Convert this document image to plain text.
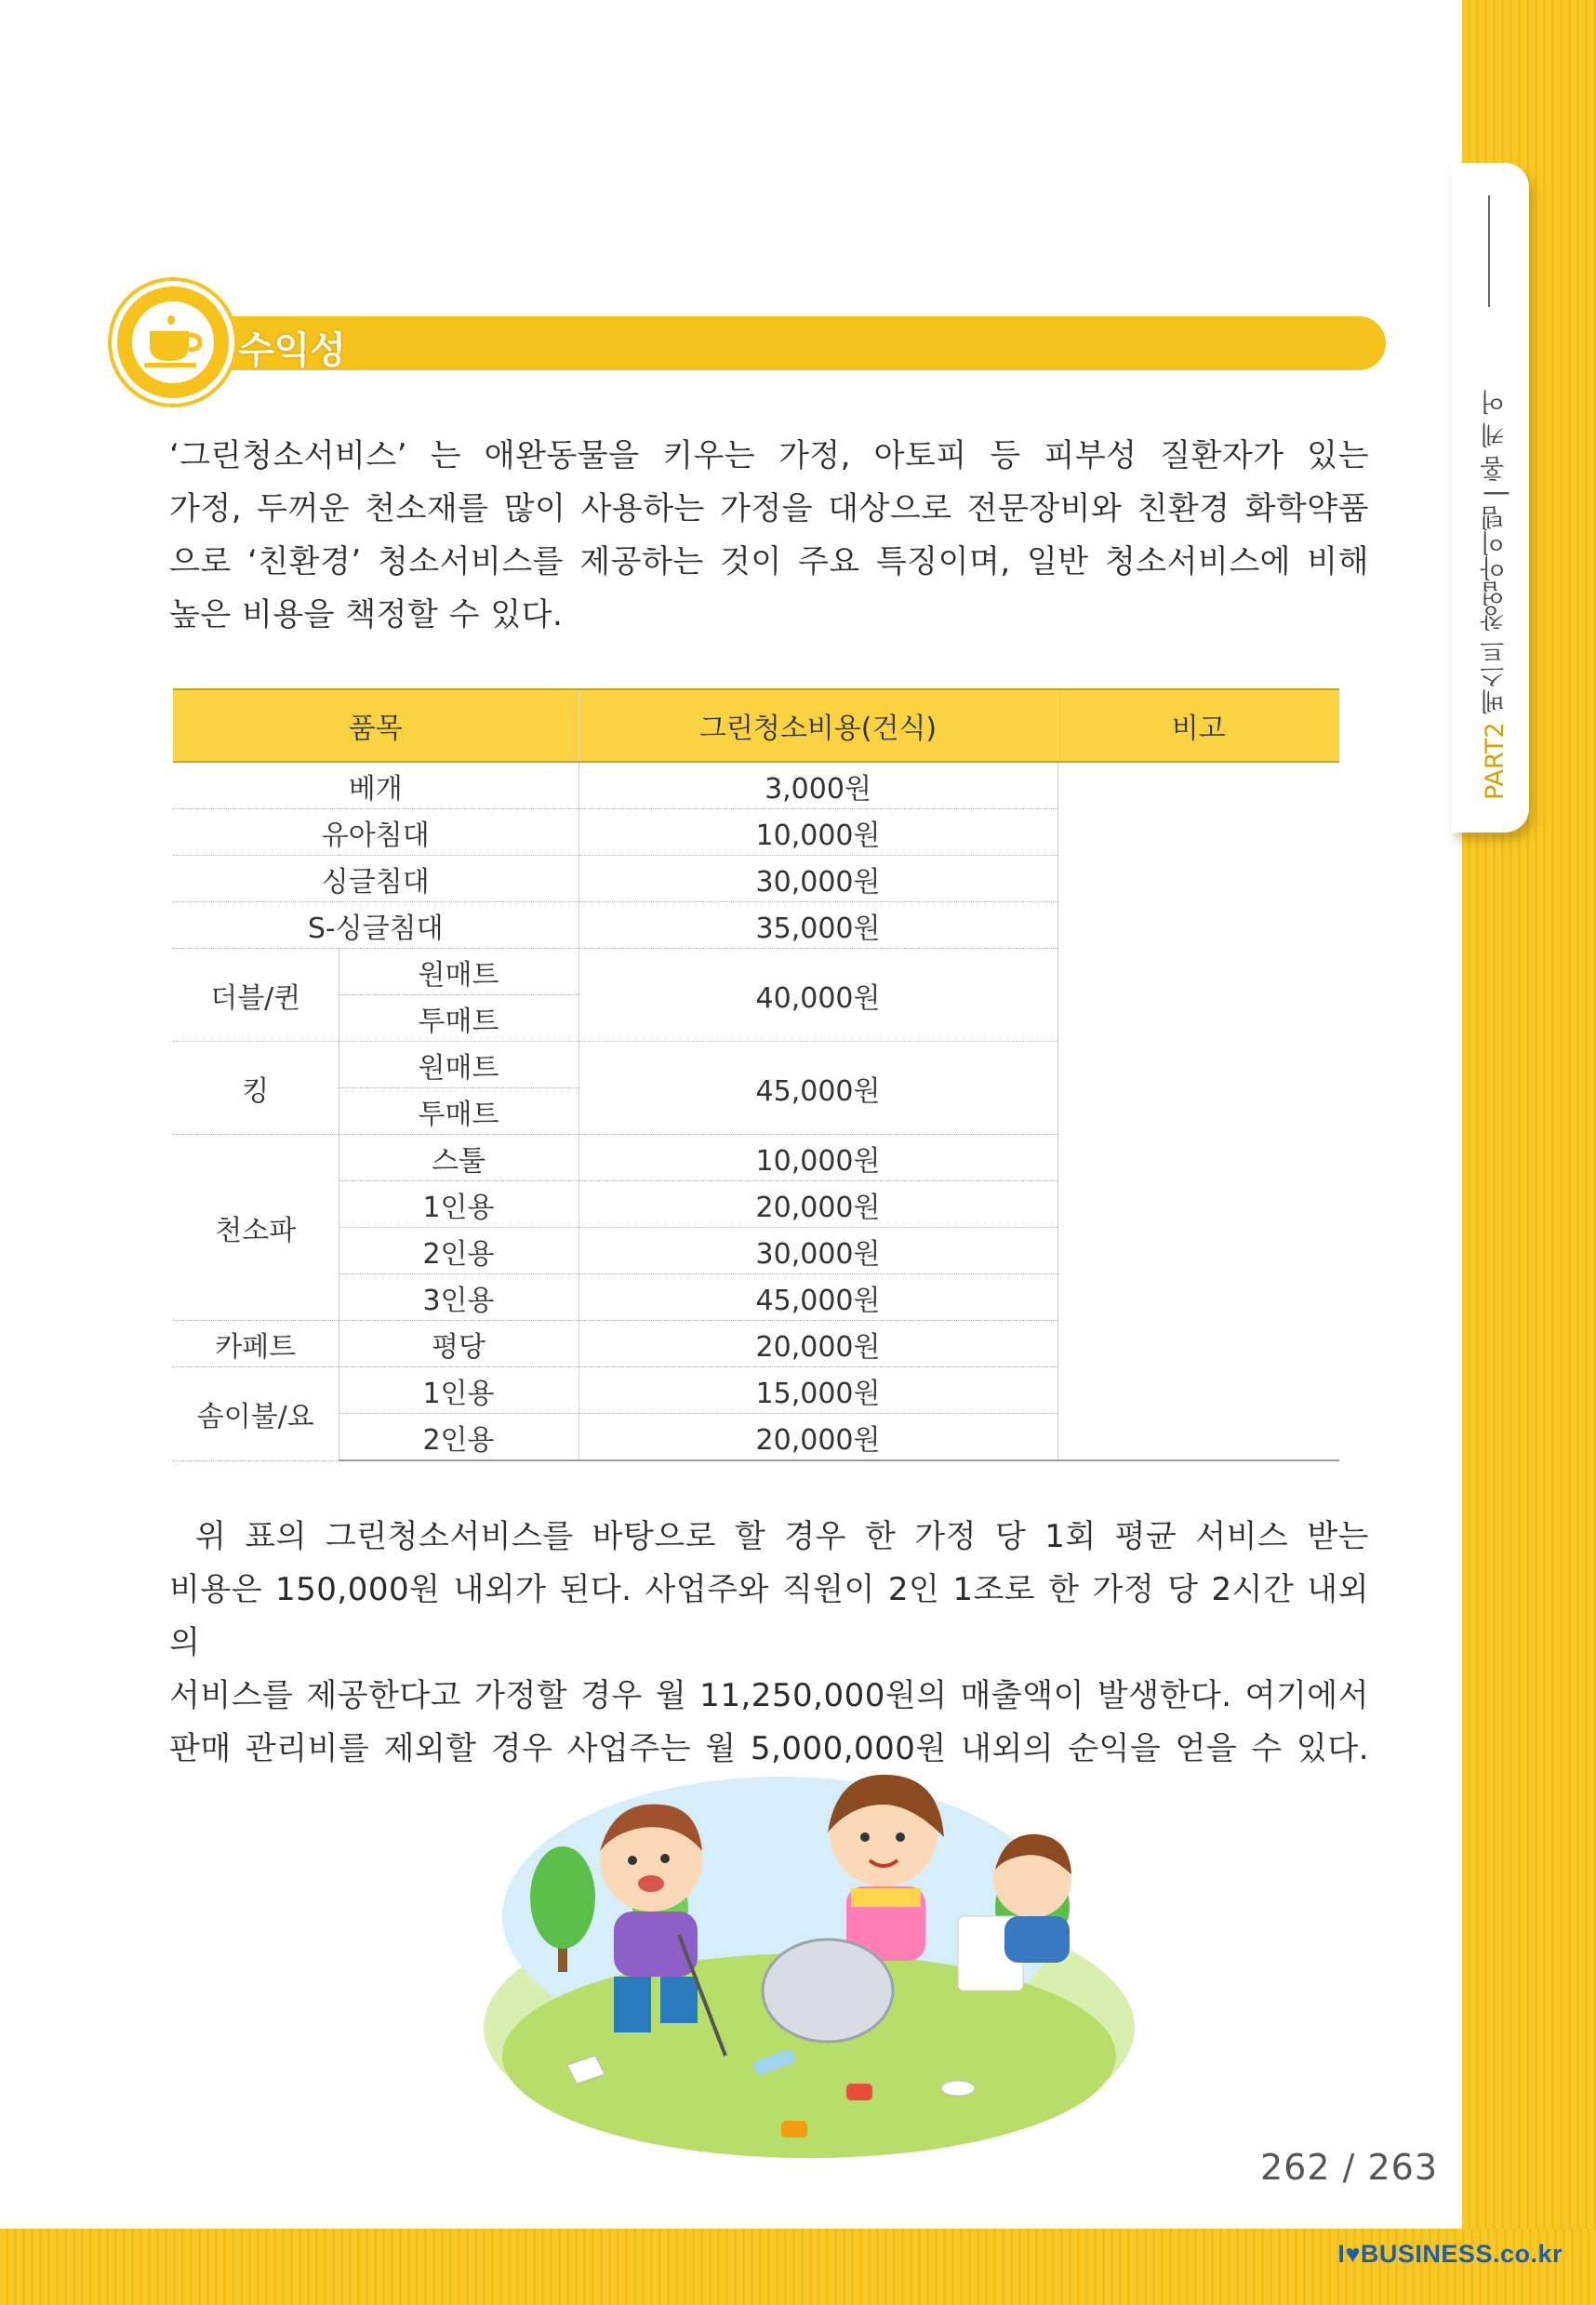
PART2 베스트 창업아이템 | 홈 케 어
수익성
‘그린청소서비스’ 는 애완동물을 키우는 가정, 아토피 등 피부성 질환자가 있는
가정, 두꺼운 천소재를 많이 사용하는 가정을 대상으로 전문장비와 친환경 화학약품
으로 ‘친환경’ 청소서비스를 제공하는 것이 주요 특징이며, 일반 청소서비스에 비해
높은 비용을 책정할 수 있다.
품목		그린청소비용(건식)	비고
베개		3,000원	
유아침대		10,000원	
싱글침대		30,000원	
S-싱글침대		35,000원	
더블/퀸	원매트	40,000원	
	투매트		
킹	원매트	45,000원	
	투매트		
천소파	스툴	10,000원	
	1인용	20,000원	
	2인용	30,000원	
	3인용	45,000원	
카페트	평당	20,000원	
솜이불/요	1인용	15,000원	
	2인용	20,000원	
위 표의 그린청소서비스를 바탕으로 할 경우 한 가정 당 1회 평균 서비스 받는
비용은 150,000원 내외가 된다. 사업주와 직원이 2인 1조로 한 가정 당 2시간 내외의
서비스를 제공한다고 가정할 경우 월 11,250,000원의 매출액이 발생한다. 여기에서
판매 관리비를 제외할 경우 사업주는 월 5,000,000원 내외의 순익을 얻을 수 있다.
262 / 263
I♥BUSINESS.co.kr
